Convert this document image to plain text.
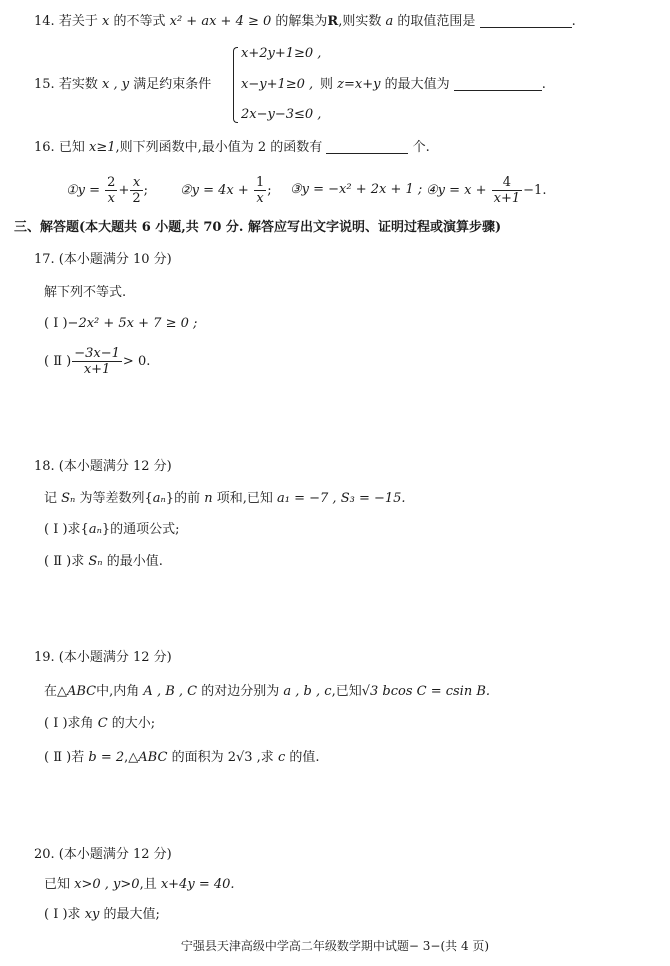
14. 若关于 x 的不等式 x² + ax + 4 ≥ 0 的解集为R,则实数 a 的取值范围是	.
15. 若实数 x , y 满足约束条件
x+2y+1≥0 ,
x−y+1≥0 ,
2x−y−3≤0 ,
则 z=x+y 的最大值为	.
16. 已知 x≥1,则下列函数中,最小值为 2 的函数有	个.
①y = $\frac{2}{x} + \frac{x}{2}$ ; ②y = $4x + \frac{1}{x}$ ; ③y = −x² + 2x + 1 ; ④y = $x + \frac{4}{x+1} -1$.
三、解答题(本大题共 6 小题,共 70 分. 解答应写出文字说明、证明过程或演算步骤)
17. (本小题满分 10 分)
解下列不等式.
( Ⅰ )−2x² + 5x + 7 ≥ 0 ;
( Ⅱ ) $\frac{-3x-1}{x+1} > 0$.
18. (本小题满分 12 分)
记 Sₙ 为等差数列{aₙ}的前 n 项和,已知 a₁ = −7 , S₃ = −15.
( Ⅰ )求{aₙ}的通项公式;
( Ⅱ )求 Sₙ 的最小值.
19. (本小题满分 12 分)
在△ABC中,内角 A , B , C 的对边分别为 a , b , c,已知√3 bcos C = csin B.
( Ⅰ )求角 C 的大小;
( Ⅱ )若 b = 2,△ABC 的面积为 2√3 ,求 c 的值.
20. (本小题满分 12 分)
已知 x>0 , y>0,且 x+4y = 40.
( Ⅰ )求 xy 的最大值;
宁强县天津高级中学高二年级数学期中试题− 3−(共 4 页)
